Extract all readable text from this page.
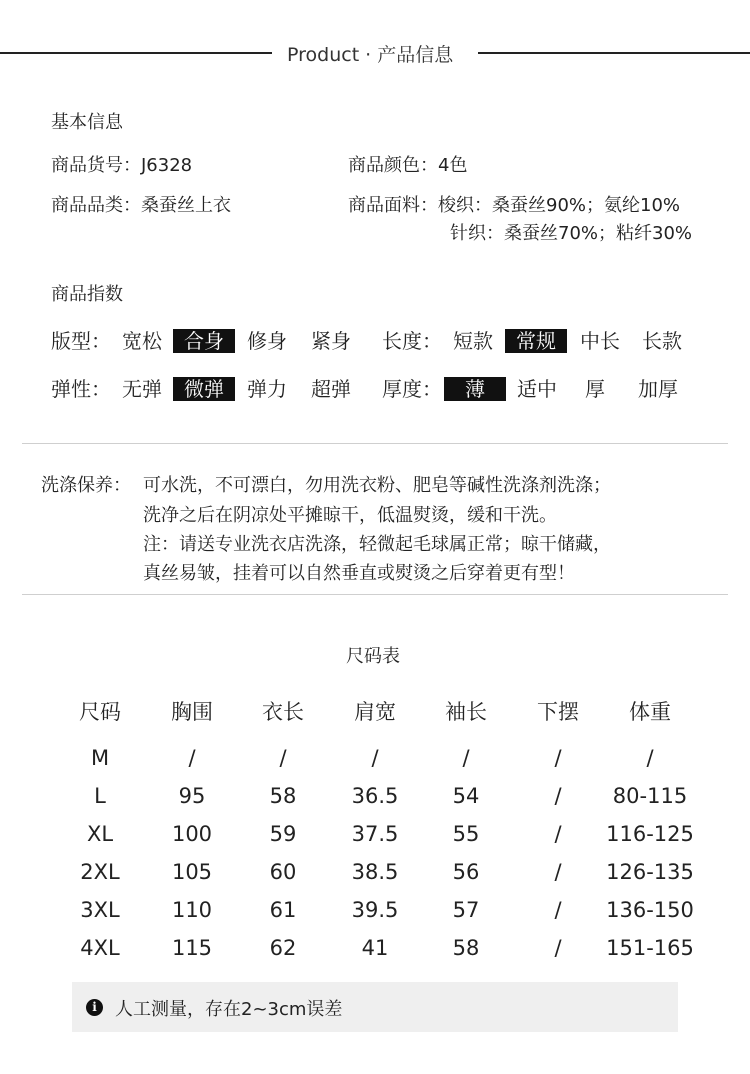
Product · 产品信息
基本信息
商品货号：J6328	商品颜色：4色
商品品类：桑蚕丝上衣	商品面料：梭织：桑蚕丝90%；氨纶10%
针织：桑蚕丝70%；粘纤30%
商品指数
版型： 宽松	合身	修身 紧身 长度： 短款	常规	中长 长款
弹性： 无弹	微弹	弹力 超弹 厚度：	薄	适中 厚 加厚
洗涤保养： 可水洗，不可漂白，勿用洗衣粉、肥皂等碱性洗涤剂洗涤；
洗净之后在阴凉处平摊晾干，低温熨烫，缓和干洗。
注：请送专业洗衣店洗涤，轻微起毛球属正常；晾干储藏，
真丝易皱，挂着可以自然垂直或熨烫之后穿着更有型！
尺码表
尺码	胸围	衣长	肩宽	袖长	下摆	体重
M	/	/	/	/	/	/
L	95	58	36.5	54	/	80-115
XL	100	59	37.5	55	/	116-125
2XL	105	60	38.5	56	/	126-135
3XL	110	61	39.5	57	/	136-150
4XL	115	62	41	58	/	151-165
i	人工测量，存在2~3cm误差
